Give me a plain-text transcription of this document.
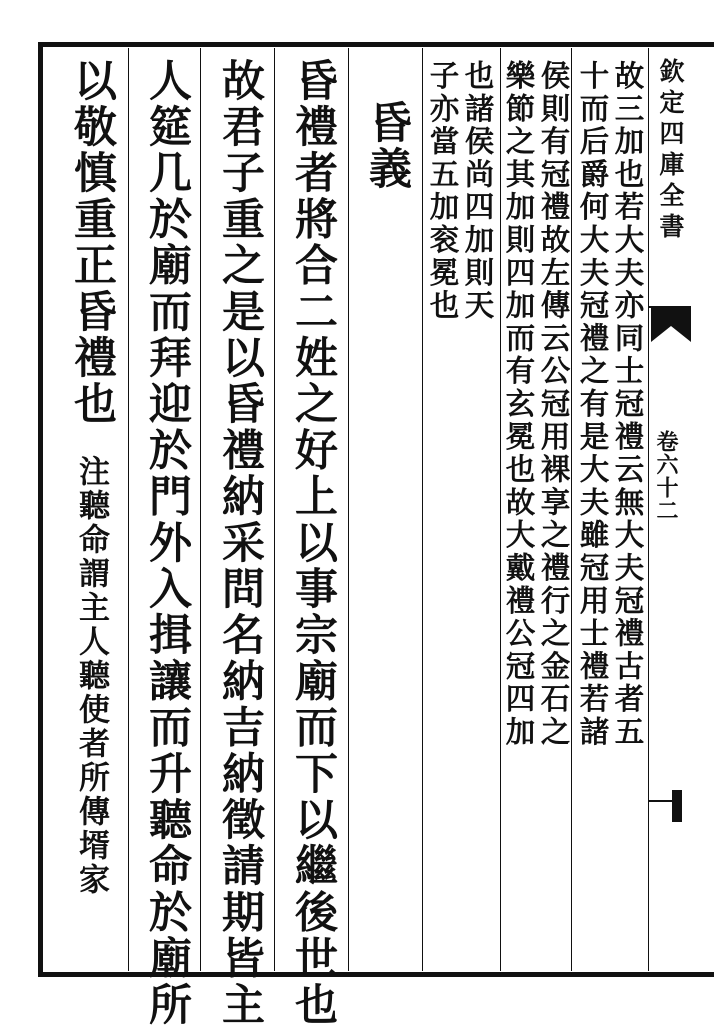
欽定四庫全書
卷六十二
故三加也若大夫亦同士冠禮云無大夫冠禮古者五
十而后爵何大夫冠禮之有是大夫雖冠用士禮若諸
侯則有冠禮故左傳云公冠用裸享之禮行之金石之
樂節之其加則四加而有玄冕也故大戴禮公冠四加
也諸侯尚四加則天
子亦當五加衮冕也
昏義
昏禮者將合二姓之好上以事宗廟而下以繼後世也
故君子重之是以昏禮納采問名納吉納徵請期皆主
人筵几於廟而拜迎於門外入揖讓而升聽命於廟所
以敬慎重正昏禮也
注聽命謂主人聽使者所傳壻家
